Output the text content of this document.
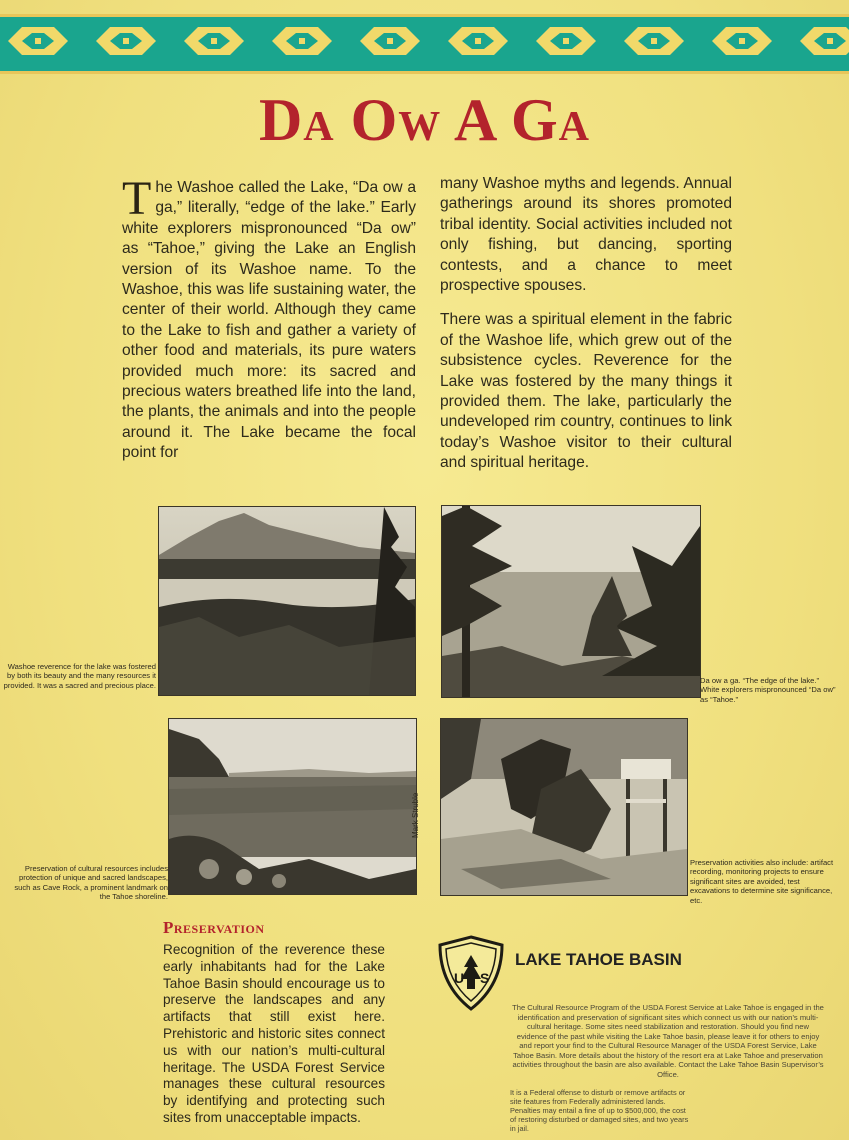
Da Ow A Ga

The Washoe called the Lake, “Da ow a ga,” literally, “edge of the lake.” Early white explorers mispronounced “Da ow” as “Tahoe,” giving the Lake an English version of its Washoe name. To the Washoe, this was life sustaining water, the center of their world. Although they came to the Lake to fish and gather a variety of other food and materials, its pure waters provided much more: its sacred and precious waters breathed life into the land, the plants, the animals and into the people around it. The Lake became the focal point for

many Washoe myths and legends. Annual gatherings around its shores promoted tribal identity. Social activities included not only fishing, but dancing, sporting contests, and a chance to meet prospective spouses.

There was a spiritual element in the fabric of the Washoe life, which grew out of the subsistence cycles. Reverence for the Lake was fostered by the many things it provided them. The lake, particularly the undeveloped rim country, continues to link today’s Washoe visitor to their cultural and spiritual heritage.

Washoe reverence for the lake was fostered by both its beauty and the many resources it provided. It was a sacred and precious place.
Da ow a ga. “The edge of the lake.” White explorers mispronounced “Da ow” as “Tahoe.”
Preservation of cultural resources includes protection of unique and sacred landscapes, such as Cave Rock, a prominent landmark on the Tahoe shoreline.
Mark Struble
Preservation activities also include: artifact recording, monitoring projects to ensure significant sites are avoided, test excavations to determine site significance, etc.
Preservation
Recognition of the reverence these early inhabitants had for the Lake Tahoe Basin should encourage us to preserve the landscapes and any artifacts that still exist here. Prehistoric and historic sites connect us with our nation’s multi-cultural heritage. The USDA Forest Service manages these cultural resources by identifying and protecting such sites from unacceptable impacts.
U S
LAKE TAHOE BASIN
The Cultural Resource Program of the USDA Forest Service at Lake Tahoe is engaged in the identification and preservation of significant sites which connect us with our nation’s multi-cultural heritage. Some sites need stabilization and restoration. Should you find new evidence of the past while visiting the Lake Tahoe basin, please leave it for others to enjoy and report your find to the Cultural Resource Manager of the USDA Forest Service, Lake Tahoe Basin. More details about the history of the resort era at Lake Tahoe and preservation activities throughout the basin are also available. Contact the Lake Tahoe Basin Supervisor’s Office.
It is a Federal offense to disturb or remove artifacts or site features from Federally administered lands. Penalties may entail a fine of up to $500,000, the cost of restoring disturbed or damaged sites, and two years in jail.
